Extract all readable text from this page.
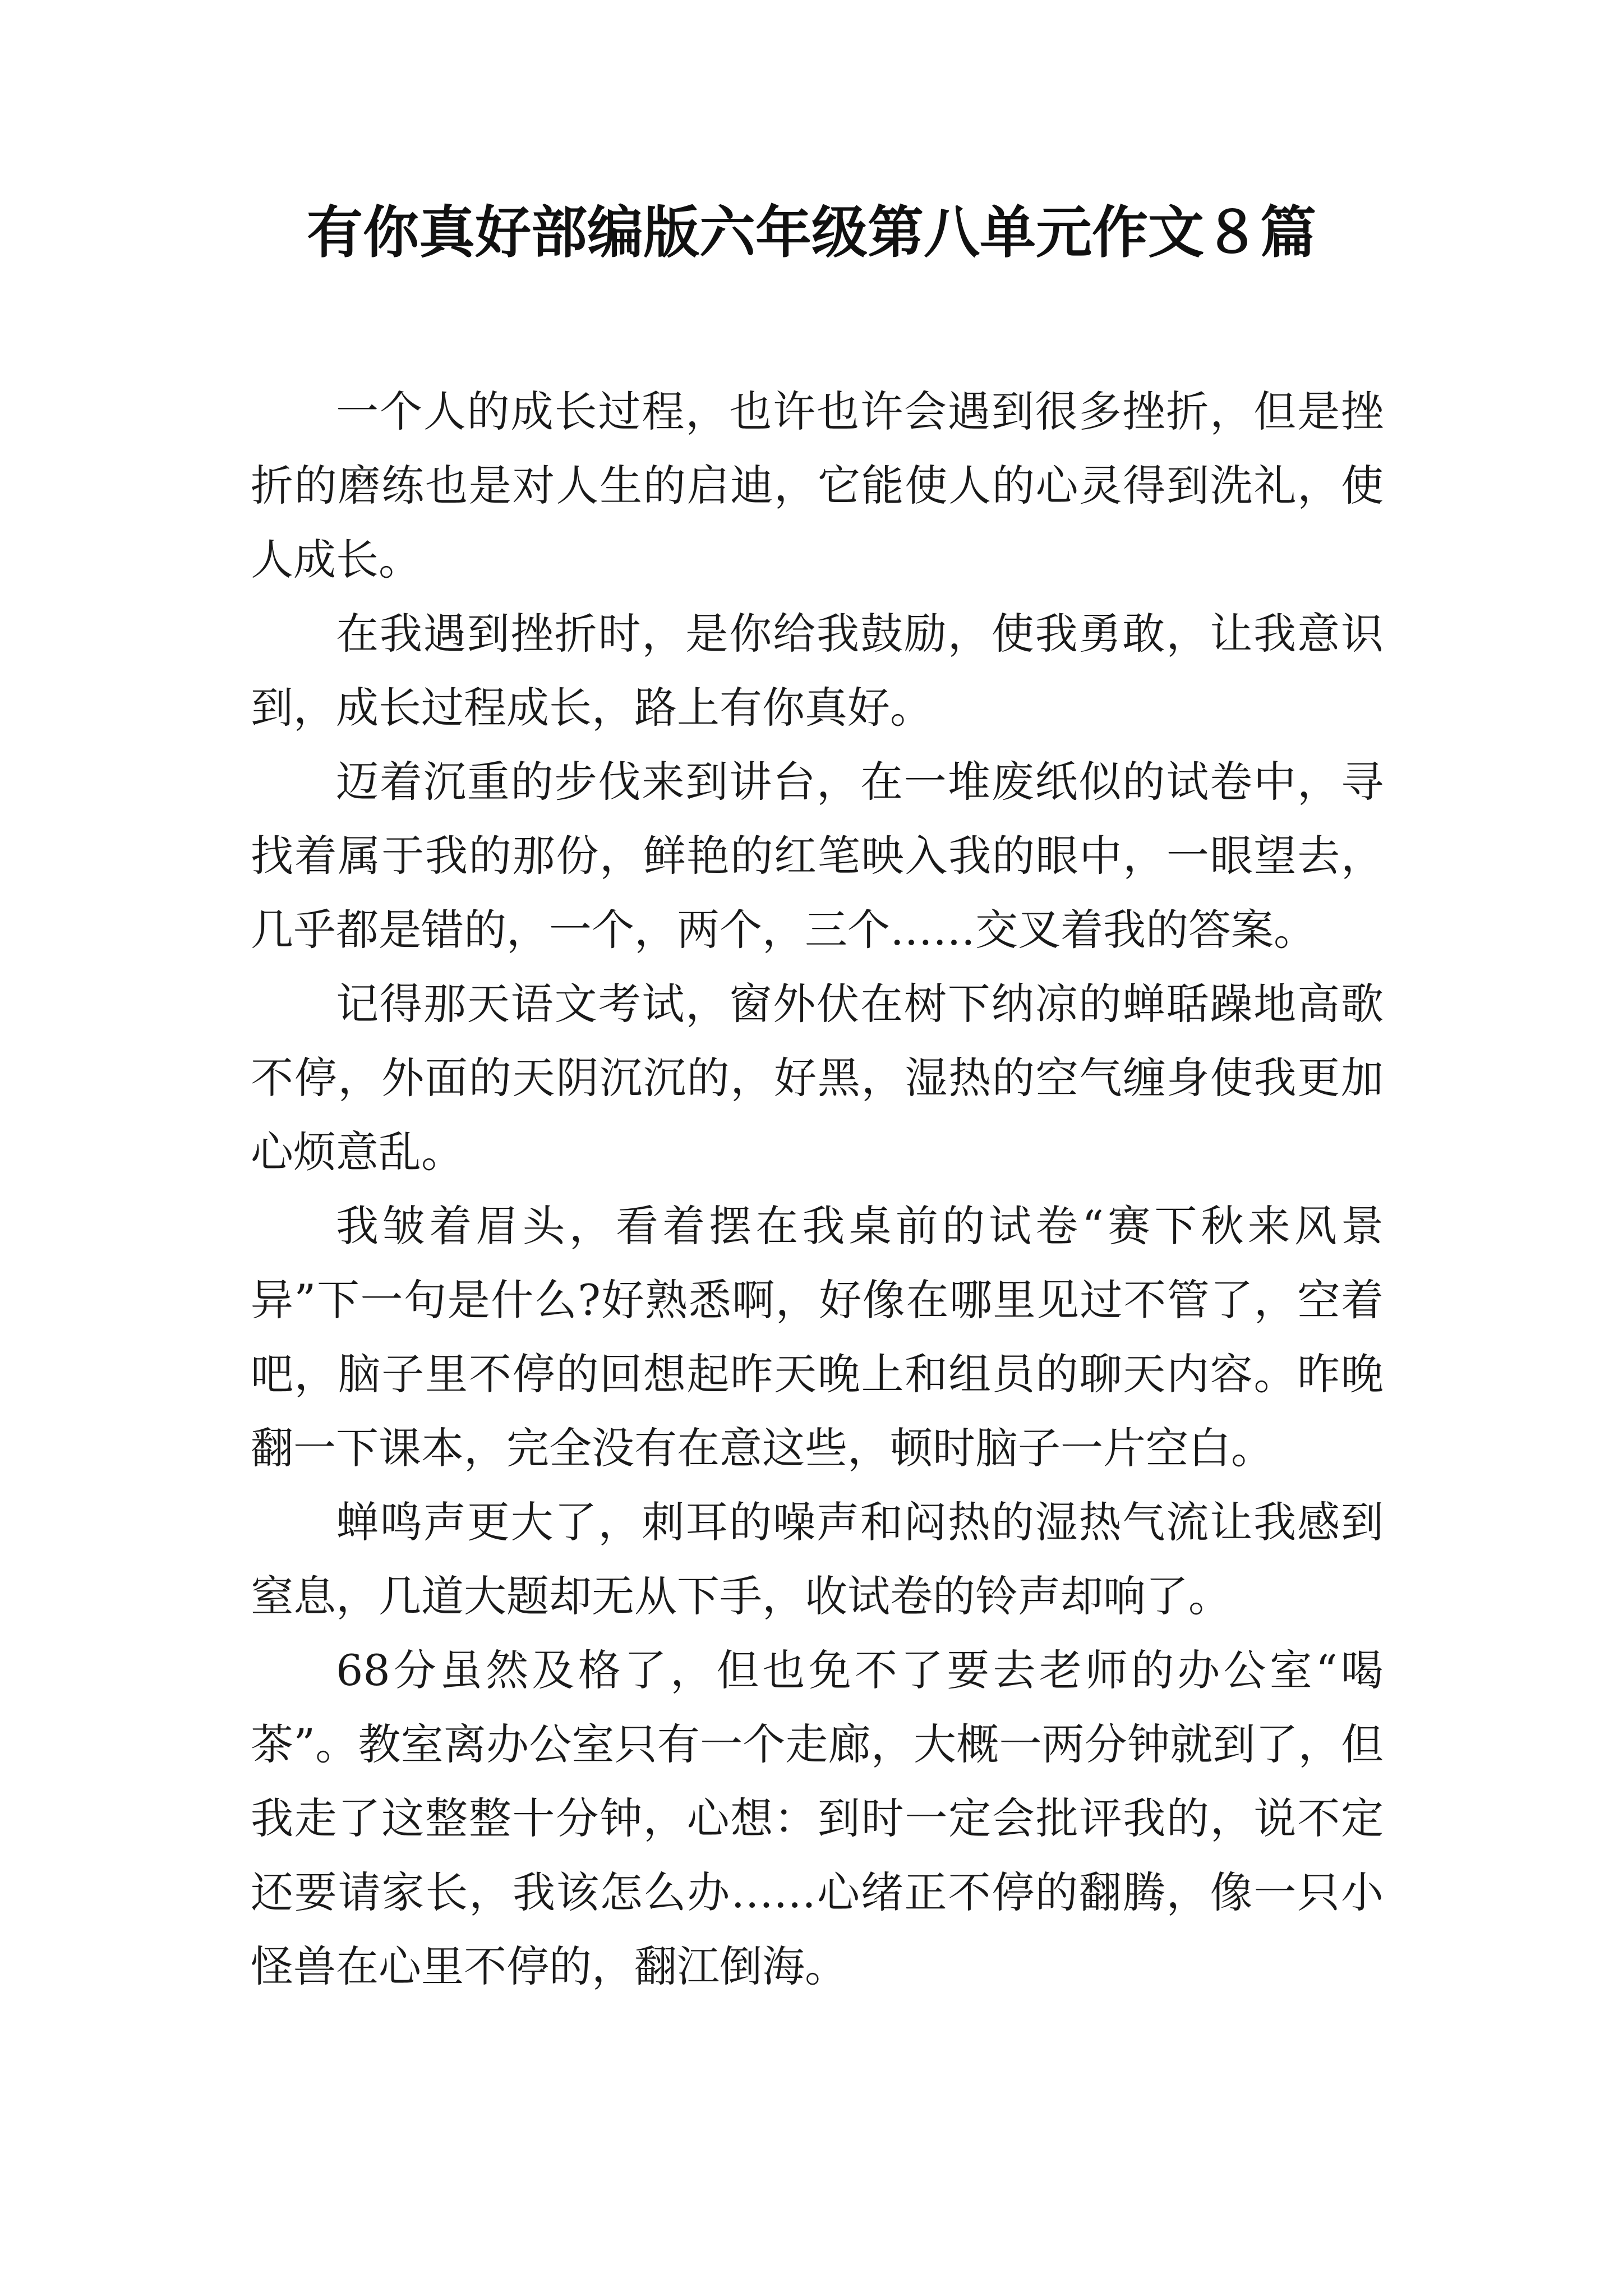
有你真好部编版六年级第八单元作文８篇

一个人的成长过程，也许也许会遇到很多挫折，但是挫折的磨练也是对人生的启迪，它能使人的心灵得到洗礼，使人成长。

在我遇到挫折时，是你给我鼓励，使我勇敢，让我意识到，成长过程成长，路上有你真好。

迈着沉重的步伐来到讲台，在一堆废纸似的试卷中，寻找着属于我的那份，鲜艳的红笔映入我的眼中，一眼望去，几乎都是错的，一个，两个，三个……交叉着我的答案。

记得那天语文考试，窗外伏在树下纳凉的蝉聒躁地高歌不停，外面的天阴沉沉的，好黑，湿热的空气缠身使我更加心烦意乱。

我皱着眉头，看着摆在我桌前的试卷“赛下秋来风景异”下一句是什么?好熟悉啊，好像在哪里见过不管了，空着吧，脑子里不停的回想起昨天晚上和组员的聊天内容。昨晚翻一下课本，完全没有在意这些，顿时脑子一片空白。

蝉鸣声更大了，刺耳的噪声和闷热的湿热气流让我感到窒息，几道大题却无从下手，收试卷的铃声却响了。

68分虽然及格了，但也免不了要去老师的办公室“喝茶”。教室离办公室只有一个走廊，大概一两分钟就到了，但我走了这整整十分钟，心想：到时一定会批评我的，说不定还要请家长，我该怎么办……心绪正不停的翻腾，像一只小怪兽在心里不停的，翻江倒海。
